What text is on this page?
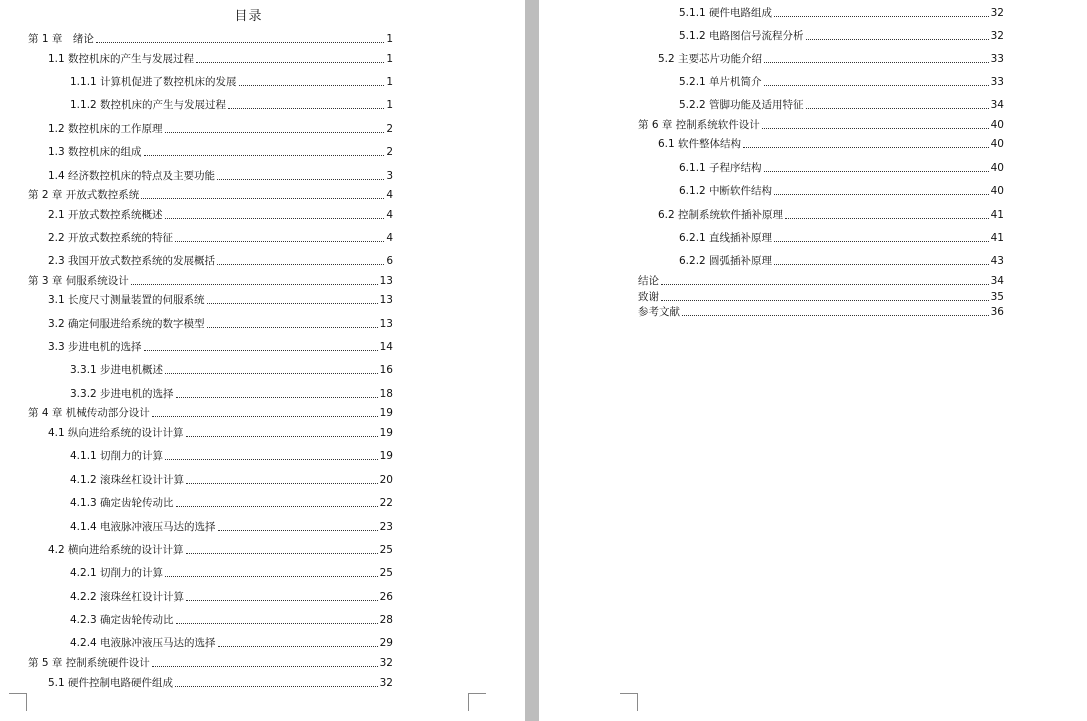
目录
第 1 章　绪论	1
1.1 数控机床的产生与发展过程	1
1.1.1 计算机促进了数控机床的发展	1
1.1.2 数控机床的产生与发展过程	1
1.2 数控机床的工作原理	2
1.3 数控机床的组成	2
1.4 经济数控机床的特点及主要功能	3
第 2 章 开放式数控系统	4
2.1 开放式数控系统概述	4
2.2 开放式数控系统的特征	4
2.3 我国开放式数控系统的发展概括	6
第 3 章 伺服系统设计	13
3.1 长度尺寸测量装置的伺服系统	13
3.2 确定伺服进给系统的数字模型	13
3.3 步进电机的选择	14
3.3.1 步进电机概述	16
3.3.2 步进电机的选择	18
第 4 章 机械传动部分设计	19
4.1 纵向进给系统的设计计算	19
4.1.1 切削力的计算	19
4.1.2 滚珠丝杠设计计算	20
4.1.3 确定齿轮传动比	22
4.1.4 电液脉冲液压马达的选择	23
4.2 横向进给系统的设计计算	25
4.2.1 切削力的计算	25
4.2.2 滚珠丝杠设计计算	26
4.2.3 确定齿轮传动比	28
4.2.4 电液脉冲液压马达的选择	29
第 5 章 控制系统硬件设计	32
5.1 硬件控制电路硬件组成	32
5.1.1 硬件电路组成	32
5.1.2 电路图信号流程分析	32
5.2 主要芯片功能介绍	33
5.2.1 单片机简介	33
5.2.2 管脚功能及适用特征	34
第 6 章 控制系统软件设计	40
6.1 软件整体结构	40
6.1.1 子程序结构	40
6.1.2 中断软件结构	40
6.2 控制系统软件插补原理	41
6.2.1 直线插补原理	41
6.2.2 圆弧插补原理	43
结论	34
致谢	35
参考文献	36
